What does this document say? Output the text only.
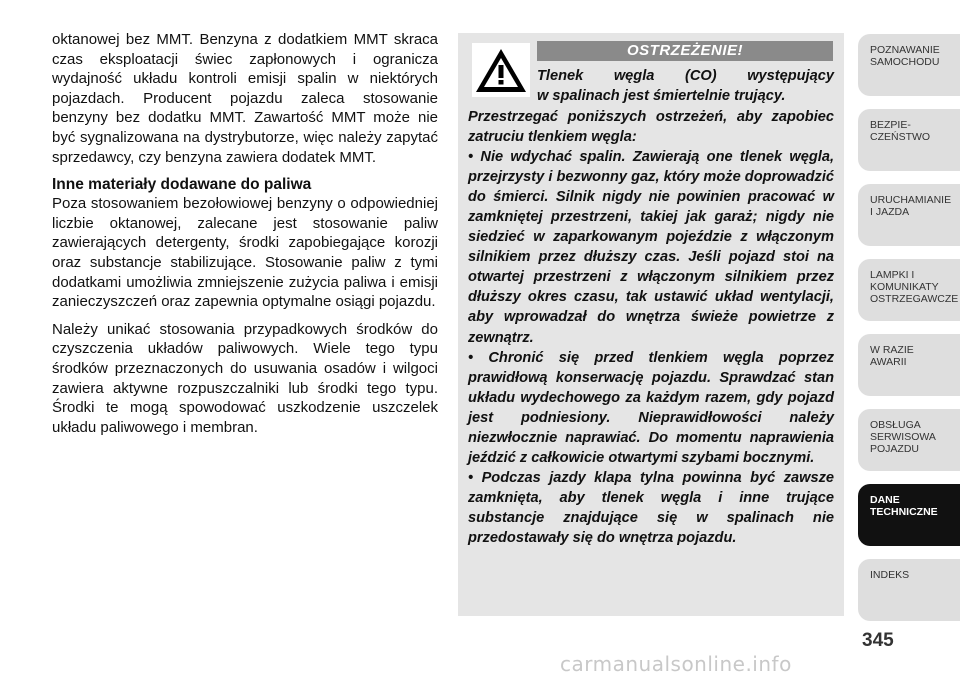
oktanowej bez MMT. Benzyna z dodatkiem MMT skraca czas eksploatacji świec zapłonowych i ogranicza wydajność układu kontroli emisji spalin w niektórych pojazdach. Producent pojazdu zaleca stosowanie benzyny bez dodatku MMT. Zawartość MMT może nie być sygnalizowana na dystrybutorze, więc należy zapytać sprzedawcy, czy benzyna zawiera dodatek MMT.

Inne materiały dodawane do paliwa

Poza stosowaniem bezołowiowej benzyny o odpowiedniej liczbie oktanowej, zalecane jest stosowanie paliw zawierających detergenty, środki zapobiegające korozji oraz substancje stabilizujące. Stosowanie paliw z tymi dodatkami umożliwia zmniejszenie zużycia paliwa i emisji zanieczyszczeń oraz zapewnia optymalne osiągi pojazdu.

Należy unikać stosowania przypadkowych środków do czyszczenia układów paliwowych. Wiele tego typu środków przeznaczonych do usuwania osadów i wilgoci zawiera aktywne rozpuszczalniki lub środki tego typu. Środki te mogą spowodować uszkodzenie uszczelek układu paliwowego i membran.

OSTRZEŻENIE!
Tlenek węgla (CO) występujący
w spalinach jest śmiertelnie trujący.

Przestrzegać poniższych ostrzeżeń, aby zapobiec zatruciu tlenkiem węgla:

• Nie wdychać spalin. Zawierają one tlenek węgla, przejrzysty i bezwonny gaz, który może doprowadzić do śmierci. Silnik nigdy nie powinien pracować w zamkniętej przestrzeni, takiej jak garaż; nigdy nie siedzieć w zaparkowanym pojeździe z włączonym silnikiem przez dłuższy czas. Jeśli pojazd stoi na otwartej przestrzeni z włączonym silnikiem przez dłuższy okres czasu, tak ustawić układ wentylacji, aby wprowadzał do wnętrza świeże powietrze z zewnątrz.

• Chronić się przed tlenkiem węgla poprzez prawidłową konserwację pojazdu. Sprawdzać stan układu wydechowego za każdym razem, gdy pojazd jest podniesiony. Nieprawidłowości należy niezwłocznie naprawiać. Do momentu naprawienia jeździć z całkowicie otwartymi szybami bocznymi.

• Podczas jazdy klapa tylna powinna być zawsze zamknięta, aby tlenek węgla i inne trujące substancje znajdujące się w spalinach nie przedostawały się do wnętrza pojazdu.

POZNAWANIE
SAMOCHODU
BEZPIE-
CZEŃSTWO
URUCHAMIANIE
I JAZDA
LAMPKI I
KOMUNIKATY
OSTRZEGAWCZE
W RAZIE
AWARII
OBSŁUGA
SERWISOWA
POJAZDU
DANE
TECHNICZNE
INDEKS
345
carmanualsonline.info
